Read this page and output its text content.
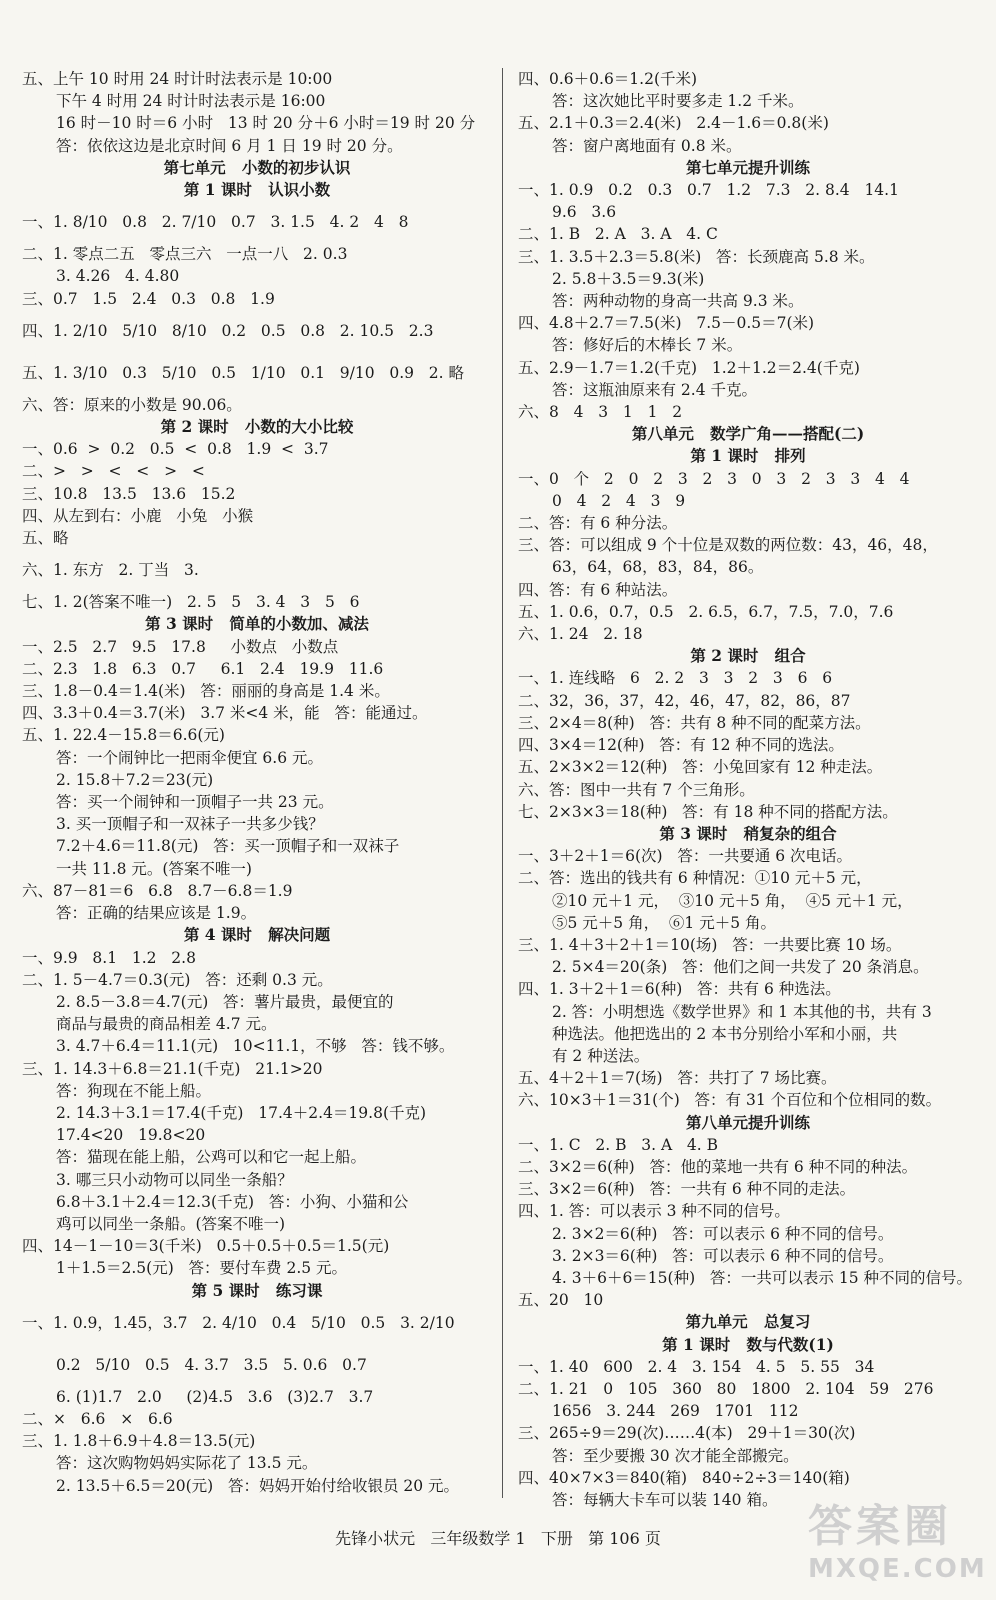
五、上午 10 时用 24 时计时法表示是 10:00
下午 4 时用 24 时计时法表示是 16:00
16 时－10 时＝6 小时   13 时 20 分＋6 小时＝19 时 20 分
答：依依这边是北京时间 6 月 1 日 19 时 20 分。
第七单元   小数的初步认识
第 1 课时   认识小数
一、1. 8/10   0.8   2. 7/10   0.7   3. 1.5   4. 2   4   8
二、1. 零点二五   零点三六   一点一八   2. 0.3
3. 4.26   4. 4.80
三、0.7   1.5   2.4   0.3   0.8   1.9
四、1. 2/10   5/10   8/10   0.2   0.5   0.8   2. 10.5   2.3
五、1. 3/10   0.3   5/10   0.5   1/10   0.1   9/10   0.9   2. 略
六、答：原来的小数是 90.06。
第 2 课时   小数的大小比较
一、0.6  >  0.2   0.5  <  0.8   1.9  <  3.7
二、>   >   <   <   >   <
三、10.8   13.5   13.6   15.2
四、从左到右：小鹿   小兔   小猴
五、略
六、1. 东方   2. 丁当   3.
七、1. 2(答案不唯一)   2. 5   5   3. 4   3   5   6
第 3 课时   简单的小数加、减法
一、2.5   2.7   9.5   17.8     小数点   小数点
二、2.3   1.8   6.3   0.7     6.1   2.4   19.9   11.6
三、1.8－0.4＝1.4(米)   答：丽丽的身高是 1.4 米。
四、3.3＋0.4＝3.7(米)   3.7 米<4 米，能   答：能通过。
五、1. 22.4－15.8＝6.6(元)
答：一个闹钟比一把雨伞便宜 6.6 元。
2. 15.8＋7.2＝23(元)
答：买一个闹钟和一顶帽子一共 23 元。
3. 买一顶帽子和一双袜子一共多少钱？
7.2＋4.6＝11.8(元)   答：买一顶帽子和一双袜子
一共 11.8 元。(答案不唯一)
六、87－81＝6   6.8   8.7－6.8＝1.9
答：正确的结果应该是 1.9。
第 4 课时   解决问题
一、9.9   8.1   1.2   2.8
二、1. 5－4.7＝0.3(元)   答：还剩 0.3 元。
2. 8.5－3.8＝4.7(元)   答：薯片最贵，最便宜的
商品与最贵的商品相差 4.7 元。
3. 4.7＋6.4＝11.1(元)   10<11.1，不够   答：钱不够。
三、1. 14.3＋6.8＝21.1(千克)   21.1>20
答：狗现在不能上船。
2. 14.3＋3.1＝17.4(千克)   17.4＋2.4＝19.8(千克)
17.4<20   19.8<20
答：猫现在能上船，公鸡可以和它一起上船。
3. 哪三只小动物可以同坐一条船？
6.8＋3.1＋2.4＝12.3(千克)   答：小狗、小猫和公
鸡可以同坐一条船。(答案不唯一)
四、14－1－10＝3(千米)   0.5＋0.5＋0.5＝1.5(元)
1＋1.5＝2.5(元)   答：要付车费 2.5 元。
第 5 课时   练习课
一、1. 0.9，1.45，3.7   2. 4/10   0.4   5/10   0.5   3. 2/10
0.2   5/10   0.5   4. 3.7   3.5   5. 0.6   0.7
6. (1)1.7   2.0     (2)4.5   3.6   (3)2.7   3.7
二、×   6.6   ×   6.6
三、1. 1.8＋6.9＋4.8＝13.5(元)
答：这次购物妈妈实际花了 13.5 元。
2. 13.5＋6.5＝20(元)   答：妈妈开始付给收银员 20 元。
四、0.6＋0.6＝1.2(千米)
答：这次她比平时要多走 1.2 千米。
五、2.1＋0.3＝2.4(米)   2.4－1.6＝0.8(米)
答：窗户离地面有 0.8 米。
第七单元提升训练
一、1. 0.9   0.2   0.3   0.7   1.2   7.3   2. 8.4   14.1
9.6   3.6
二、1. B   2. A   3. A   4. C
三、1. 3.5＋2.3＝5.8(米)   答：长颈鹿高 5.8 米。
2. 5.8＋3.5＝9.3(米)
答：两种动物的身高一共高 9.3 米。
四、4.8＋2.7＝7.5(米)   7.5－0.5＝7(米)
答：修好后的木棒长 7 米。
五、2.9－1.7＝1.2(千克)   1.2＋1.2＝2.4(千克)
答：这瓶油原来有 2.4 千克。
六、8   4   3   1   1   2
第八单元   数学广角——搭配(二)
第 1 课时   排列
一、0   个   2   0   2   3   2   3   0   3   2   3   3   4   4
0   4   2   4   3   9
二、答：有 6 种分法。
三、答：可以组成 9 个十位是双数的两位数：43，46，48，
63，64，68，83，84，86。
四、答：有 6 种站法。
五、1. 0.6，0.7，0.5   2. 6.5，6.7，7.5，7.0，7.6
六、1. 24   2. 18
第 2 课时   组合
一、1. 连线略   6   2. 2   3   3   2   3   6   6
二、32，36，37，42，46，47，82，86，87
三、2×4＝8(种)   答：共有 8 种不同的配菜方法。
四、3×4＝12(种)   答：有 12 种不同的选法。
五、2×3×2＝12(种)   答：小兔回家有 12 种走法。
六、答：图中一共有 7 个三角形。
七、2×3×3＝18(种)   答：有 18 种不同的搭配方法。
第 3 课时   稍复杂的组合
一、3＋2＋1＝6(次)   答：一共要通 6 次电话。
二、答：选出的钱共有 6 种情况：①10 元＋5 元，
②10 元＋1 元，  ③10 元＋5 角，  ④5 元＋1 元，
⑤5 元＋5 角，  ⑥1 元＋5 角。
三、1. 4＋3＋2＋1＝10(场)   答：一共要比赛 10 场。
2. 5×4＝20(条)   答：他们之间一共发了 20 条消息。
四、1. 3＋2＋1＝6(种)   答：共有 6 种选法。
2. 答：小明想选《数学世界》和 1 本其他的书，共有 3
种选法。他把选出的 2 本书分别给小军和小丽，共
有 2 种送法。
五、4＋2＋1＝7(场)   答：共打了 7 场比赛。
六、10×3＋1＝31(个)   答：有 31 个百位和个位相同的数。
第八单元提升训练
一、1. C   2. B   3. A   4. B
二、3×2＝6(种)   答：他的菜地一共有 6 种不同的种法。
三、3×2＝6(种)   答：一共有 6 种不同的走法。
四、1. 答：可以表示 3 种不同的信号。
2. 3×2＝6(种)   答：可以表示 6 种不同的信号。
3. 2×3＝6(种)   答：可以表示 6 种不同的信号。
4. 3＋6＋6＝15(种)   答：一共可以表示 15 种不同的信号。
五、20   10
第九单元   总复习
第 1 课时   数与代数(1)
一、1. 40   600   2. 4   3. 154   4. 5   5. 55   34
二、1. 21   0   105   360   80   1800   2. 104   59   276
1656   3. 244   269   1701   112
三、265÷9＝29(次)……4(本)   29＋1＝30(次)
答：至少要搬 30 次才能全部搬完。
四、40×7×3＝840(箱)   840÷2÷3＝140(箱)
答：每辆大卡车可以装 140 箱。
先锋小状元   三年级数学 1   下册   第 106 页	答案圈
MXQE.COM
